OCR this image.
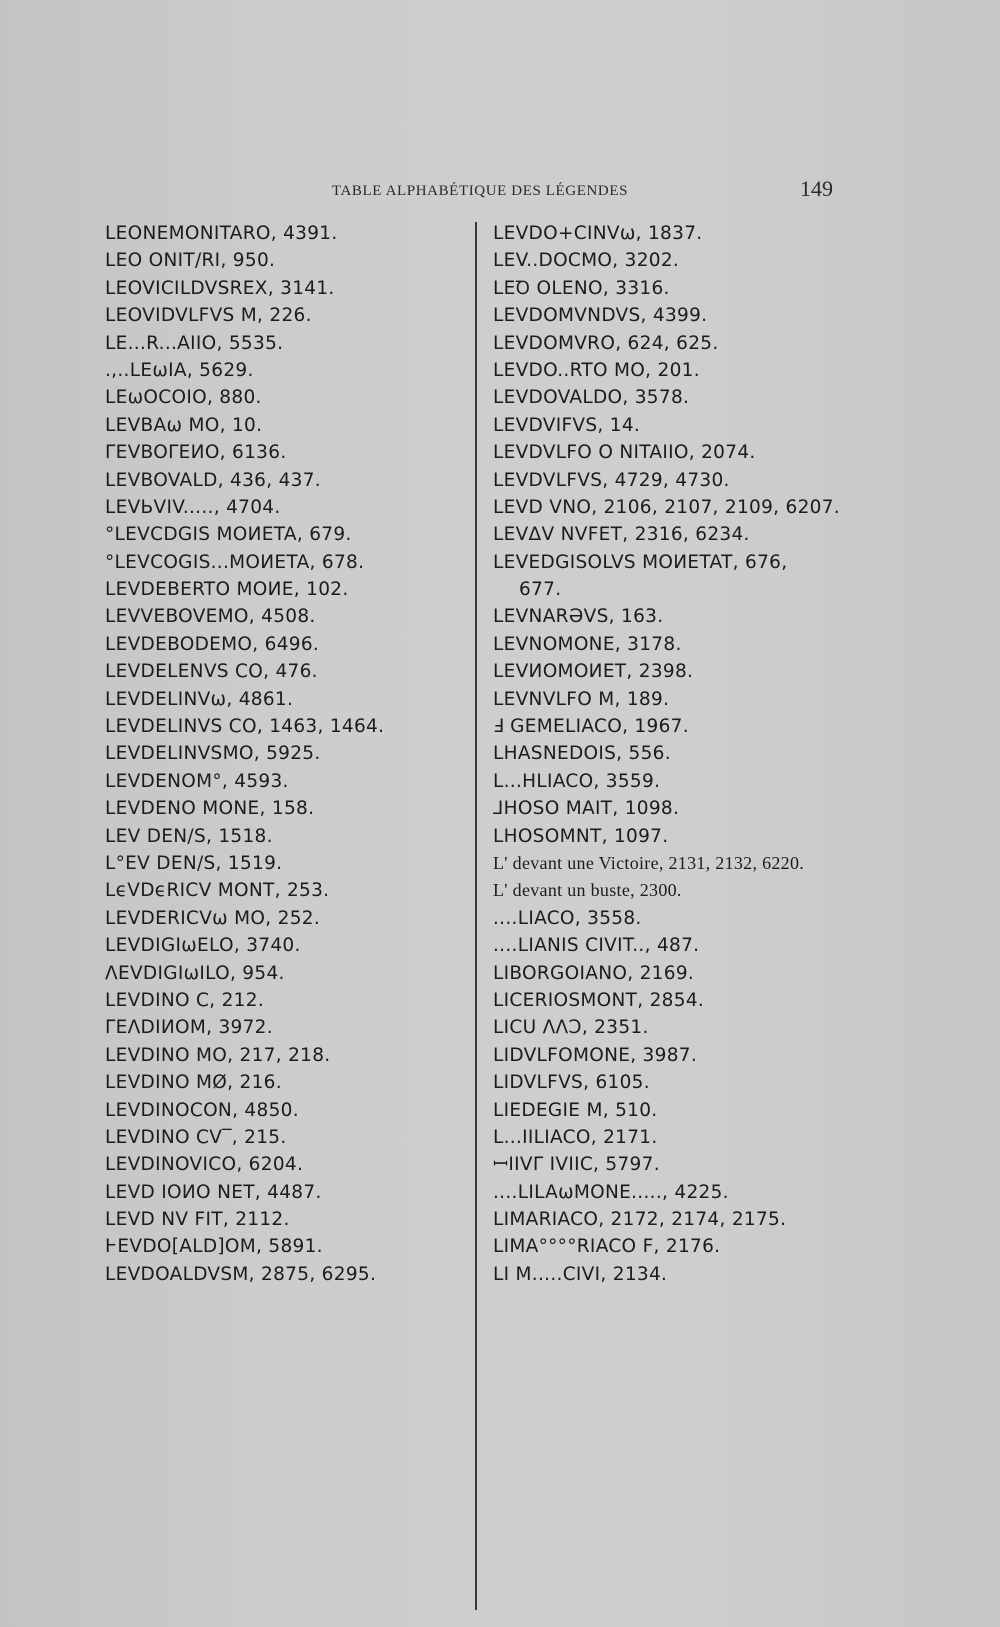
TABLE ALPHABÉTIQUE DES LÉGENDES	149
LEONEMONITARO, 4391.
LEO ONIT/RI, 950.
LEOVICILDVSREX, 3141.
LEOVIDVLFVS M, 226.
LE...R...AIIO, 5535.
.,..LEωIA, 5629.
LEωOCOIO, 880.
LEVBAω MO, 10.
ΓEVBOΓEИO, 6136.
LEVBOVALD, 436, 437.
LEVЬVIV....., 4704.
°LEVCDGIS MOИETA, 679.
°LEVCOGIS...MOИETA, 678.
LEVDEBERTO MOИE, 102.
LEVVEBOVEMO, 4508.
LEVDEBODEMO, 6496.
LEVDELENVS ϹΟ, 476.
LEVDELINVω, 4861.
LEVDELINVS ϹΟ, 1463, 1464.
LEVDELINVSMO, 5925.
LEVDENOM°, 4593.
LEVDENO MONE, 158.
LEV DEN/S, 1518.
L°EV DEN/S, 1519.
LϵVDϵRICV MONT, 253.
LEVDERICVω MO, 252.
LEVDIGIωELO, 3740.
ΛEVDIGIωILO, 954.
LEVDINO Ϲ, 212.
ΓEΛDIИOM, 3972.
LEVDINO MO, 217, 218.
LEVDINO MØ, 216.
LEVDINOϹON, 4850.
LEVDINO ϹV‾, 215.
LEVDINOVICO, 6204.
LEVD IOИO NET, 4487.
LEVD NV FIT, 2112.
ⱵEVDO[ALD]OM, 5891.
LEVDOALDVSM, 2875, 6295.
LEVDO+CINVω, 1837.
LEV..DOCMO, 3202.
LEꝹ OLENO, 3316.
LEVDOMVNDVS, 4399.
LEVDOMVRO, 624, 625.
LEVDO..RTO MO, 201.
LEVDOVALDO, 3578.
LEVDVIFVS, 14.
LEVDVLFO O NITAIIO, 2074.
LEVDVLFVS, 4729, 4730.
LEVD VNO, 2106, 2107, 2109, 6207.
LEVΔV NVFET, 2316, 6234.
LEVEDGISOLVS MOИETAT, 676,
677.
LEVNARƏVS, 163.
LEVNOMONE, 3178.
LEVИOMOИET, 2398.
LEVNVLFO M, 189.
Ⅎ GEMELIACO, 1967.
LHASNEDOIS, 556.
L...HLIACO, 3559.
⅃HOSO MAIT, 1098.
LHOSOMNT, 1097.
L' devant une Victoire, 2131, 2132, 6220.
L' devant un buste, 2300.
....LIACO, 3558.
....LIANIS CIVIT.., 487.
LIBORGOIANO, 2169.
LICERIOSMONT, 2854.
LICU ΛΛƆ, 2351.
LIDVLFOMONE, 3987.
LIDVLFVS, 6105.
LIEDEGIE M, 510.
L...IILIACO, 2171.
ꟷIIVΓ IVIIC, 5797.
....LILAωMONE....., 4225.
LIMARIACO, 2172, 2174, 2175.
LIMA°°°°RIACO F, 2176.
LI M.....CIVI, 2134.
